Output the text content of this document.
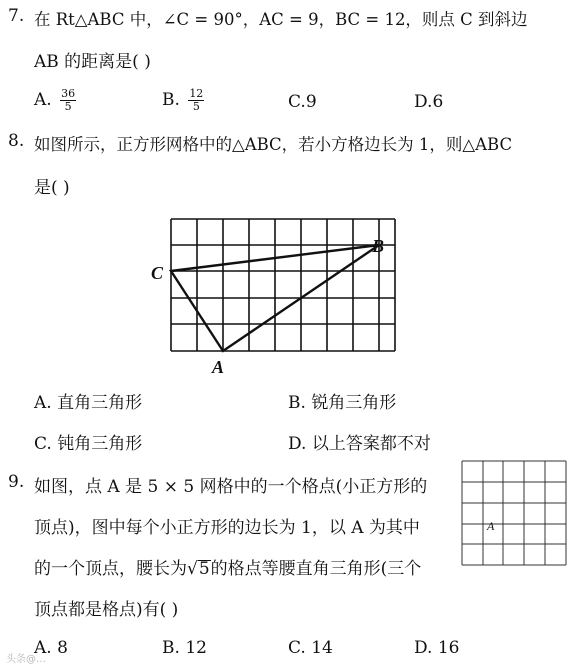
7. 在 Rt△ABC 中，∠C = 90°，AC = 9，BC = 12，则点 C 到斜边
AB 的距离是( )
A. $\frac{36}{5}$	B. $\frac{12}{5}$	C.9	D.6
8. 如图所示，正方形网格中的△ABC，若小方格边长为 1，则△ABC
是( )
C
B
A
A. 直角三角形	B. 锐角三角形
C. 钝角三角形	D. 以上答案都不对
9. 如图，点 A 是 5 × 5 网格中的一个格点(小正方形的
顶点)，图中每个小正方形的边长为 1，以 A 为其中
的一个顶点，腰长为√5的格点等腰直角三角形(三个
顶点都是格点)有( )
A
A. 8	B. 12	C. 14	D. 16
头条@…
